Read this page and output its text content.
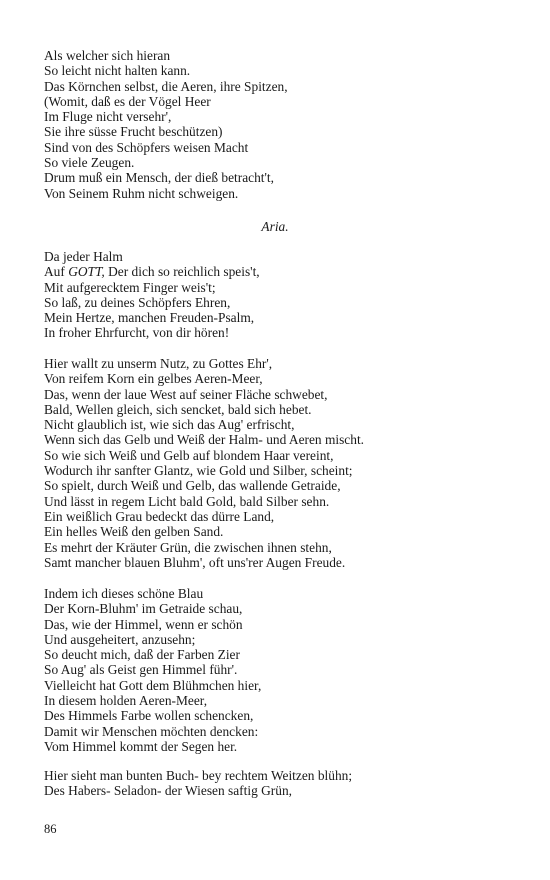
Als welcher sich hieran
So leicht nicht halten kann.
Das Körnchen selbst, die Aeren, ihre Spitzen,
(Womit, daß es der Vögel Heer
Im Fluge nicht versehr',
Sie ihre süsse Frucht beschützen)
Sind von des Schöpfers weisen Macht
So viele Zeugen.
Drum muß ein Mensch, der dieß betracht't,
Von Seinem Ruhm nicht schweigen.
Aria.
Da jeder Halm
Auf GOTT, Der dich so reichlich speis't,
Mit aufgerecktem Finger weis't;
So laß, zu deines Schöpfers Ehren,
Mein Hertze, manchen Freuden-Psalm,
In froher Ehrfurcht, von dir hören!
Hier wallt zu unserm Nutz, zu Gottes Ehr',
Von reifem Korn ein gelbes Aeren-Meer,
Das, wenn der laue West auf seiner Fläche schwebet,
Bald, Wellen gleich, sich sencket, bald sich hebet.
Nicht glaublich ist, wie sich das Aug' erfrischt,
Wenn sich das Gelb und Weiß der Halm- und Aeren mischt.
So wie sich Weiß und Gelb auf blondem Haar vereint,
Wodurch ihr sanfter Glantz, wie Gold und Silber, scheint;
So spielt, durch Weiß und Gelb, das wallende Getraide,
Und lässt in regem Licht bald Gold, bald Silber sehn.
Ein weißlich Grau bedeckt das dürre Land,
Ein helles Weiß den gelben Sand.
Es mehrt der Kräuter Grün, die zwischen ihnen stehn,
Samt mancher blauen Bluhm', oft uns'rer Augen Freude.
Indem ich dieses schöne Blau
Der Korn-Bluhm' im Getraide schau,
Das, wie der Himmel, wenn er schön
Und ausgeheitert, anzusehn;
So deucht mich, daß der Farben Zier
So Aug' als Geist gen Himmel führ'.
Vielleicht hat Gott dem Blühmchen hier,
In diesem holden Aeren-Meer,
Des Himmels Farbe wollen schencken,
Damit wir Menschen möchten dencken:
Vom Himmel kommt der Segen her.
Hier sieht man bunten Buch- bey rechtem Weitzen blühn;
Des Habers- Seladon- der Wiesen saftig Grün,
86
